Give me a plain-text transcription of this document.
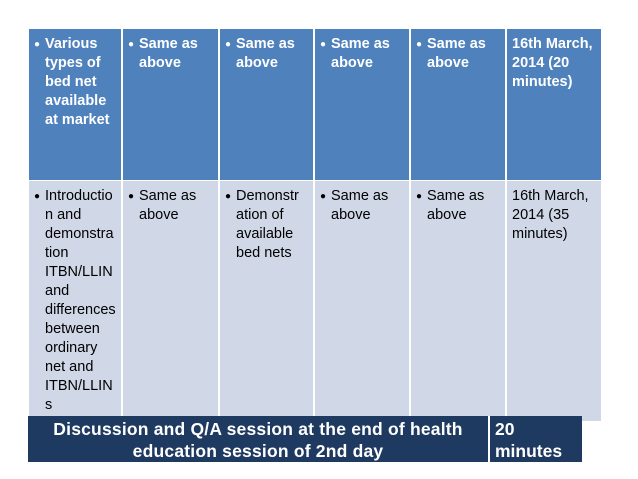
● Various
types of
bed net
available
at market
● Same as
above
● Same as
above
● Same as
above
● Same as
above
16th March,
2014 (20
minutes)
● Introductio
n and
demonstra
tion
ITBN/LLIN
and
differences
between
ordinary
net and
ITBN/LLIN
s
● Same as
above
● Demonstr
ation of
available
bed nets
● Same as
above
● Same as
above
16th March,
2014 (35
minutes)
Discussion and Q/A session at the end of health
education session of 2nd day
20
minutes
